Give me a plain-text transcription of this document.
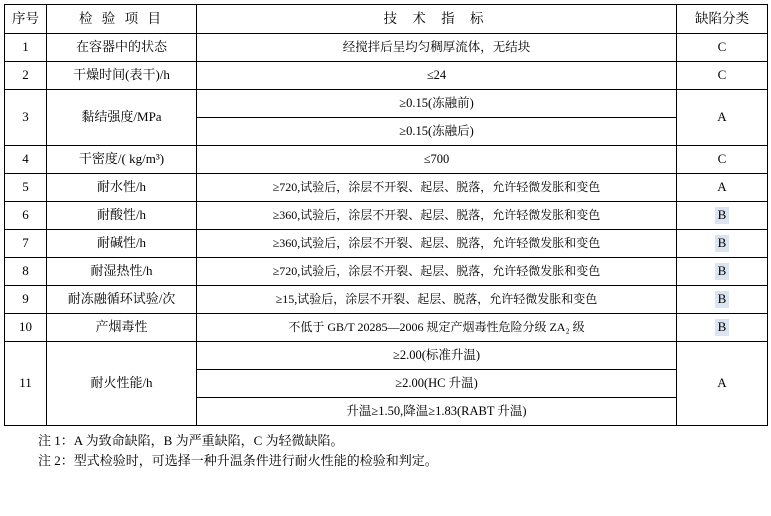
序号	检 验 项 目	技 术 指 标	缺陷分类
1	在容器中的状态	经搅拌后呈均匀稠厚流体，无结块	C
2	干燥时间(表干)/h	≤24	C
3	黏结强度/MPa	≥0.15(冻融前)	A
		≥0.15(冻融后)	
4	干密度/( kg/m³)	≤700	C
5	耐水性/h	≥720,试验后，涂层不开裂、起层、脱落，允许轻微发胀和变色	A
6	耐酸性/h	≥360,试验后，涂层不开裂、起层、脱落，允许轻微发胀和变色	B
7	耐碱性/h	≥360,试验后，涂层不开裂、起层、脱落，允许轻微发胀和变色	B
8	耐湿热性/h	≥720,试验后，涂层不开裂、起层、脱落，允许轻微发胀和变色	B
9	耐冻融循环试验/次	≥15,试验后，涂层不开裂、起层、脱落，允许轻微发胀和变色	B
10	产烟毒性	不低于 GB/T 20285—2006 规定产烟毒性危险分级 ZA₂ 级	B
11	耐火性能/h	≥2.00(标准升温)	A
		≥2.00(HC 升温)	
		升温≥1.50,降温≥1.83(RABT 升温)	
注 1：A 为致命缺陷，B 为严重缺陷，C 为轻微缺陷。
注 2：型式检验时，可选择一种升温条件进行耐火性能的检验和判定。
